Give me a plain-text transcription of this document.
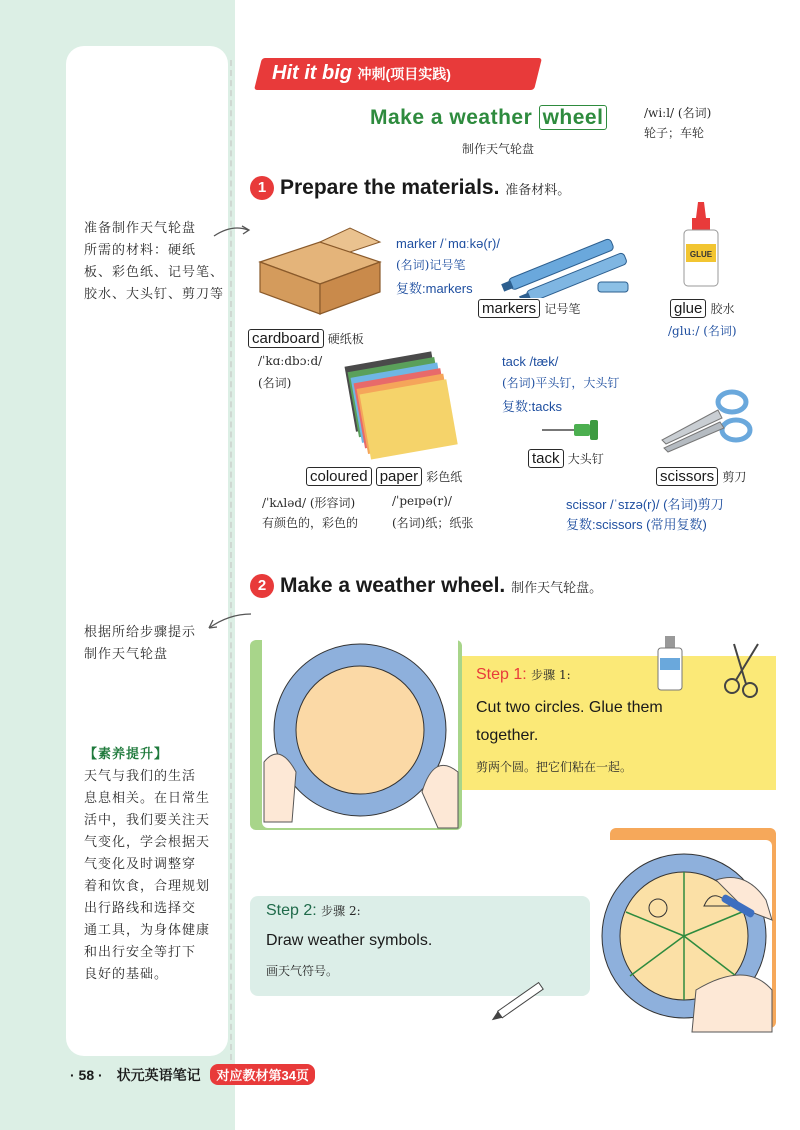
准备制作天气轮盘
所需的材料：硬纸
板、彩色纸、记号笔、
胶水、大头钉、剪刀等
根据所给步骤提示
制作天气轮盘
【素养提升】
天气与我们的生活
息息相关。在日常生
活中，我们要关注天
气变化，学会根据天
气变化及时调整穿
着和饮食，合理规划
出行路线和选择交
通工具，为身体健康
和出行安全等打下
良好的基础。
Hit it big 冲刺(项目实践)
Make a weather wheel	/wiːl/ (名词)
轮子；车轮
制作天气轮盘
1 Prepare the materials. 准备材料。
cardboard 硬纸板
/ˈkɑːdbɔːd/
(名词)
marker /ˈmɑːkə(r)/
(名词)记号笔
复数:markers
markers 记号笔
GLUE
glue 胶水
/gluː/ (名词)
coloured paper 彩色纸
/ˈkʌləd/ (形容词)
有颜色的，彩色的
/ˈpeɪpə(r)/
(名词)纸；纸张
tack /tæk/
(名词)平头钉，大头钉
复数:tacks
tack 大头钉
scissors 剪刀
scissor /ˈsɪzə(r)/ (名词)剪刀
复数:scissors (常用复数)
2 Make a weather wheel. 制作天气轮盘。
Step 1: 步骤 1:
Cut two circles. Glue them together.
剪两个圆。把它们粘在一起。
Step 2: 步骤 2:
Draw weather symbols.
画天气符号。
· 58 · 状元英语笔记 对应教材第34页
